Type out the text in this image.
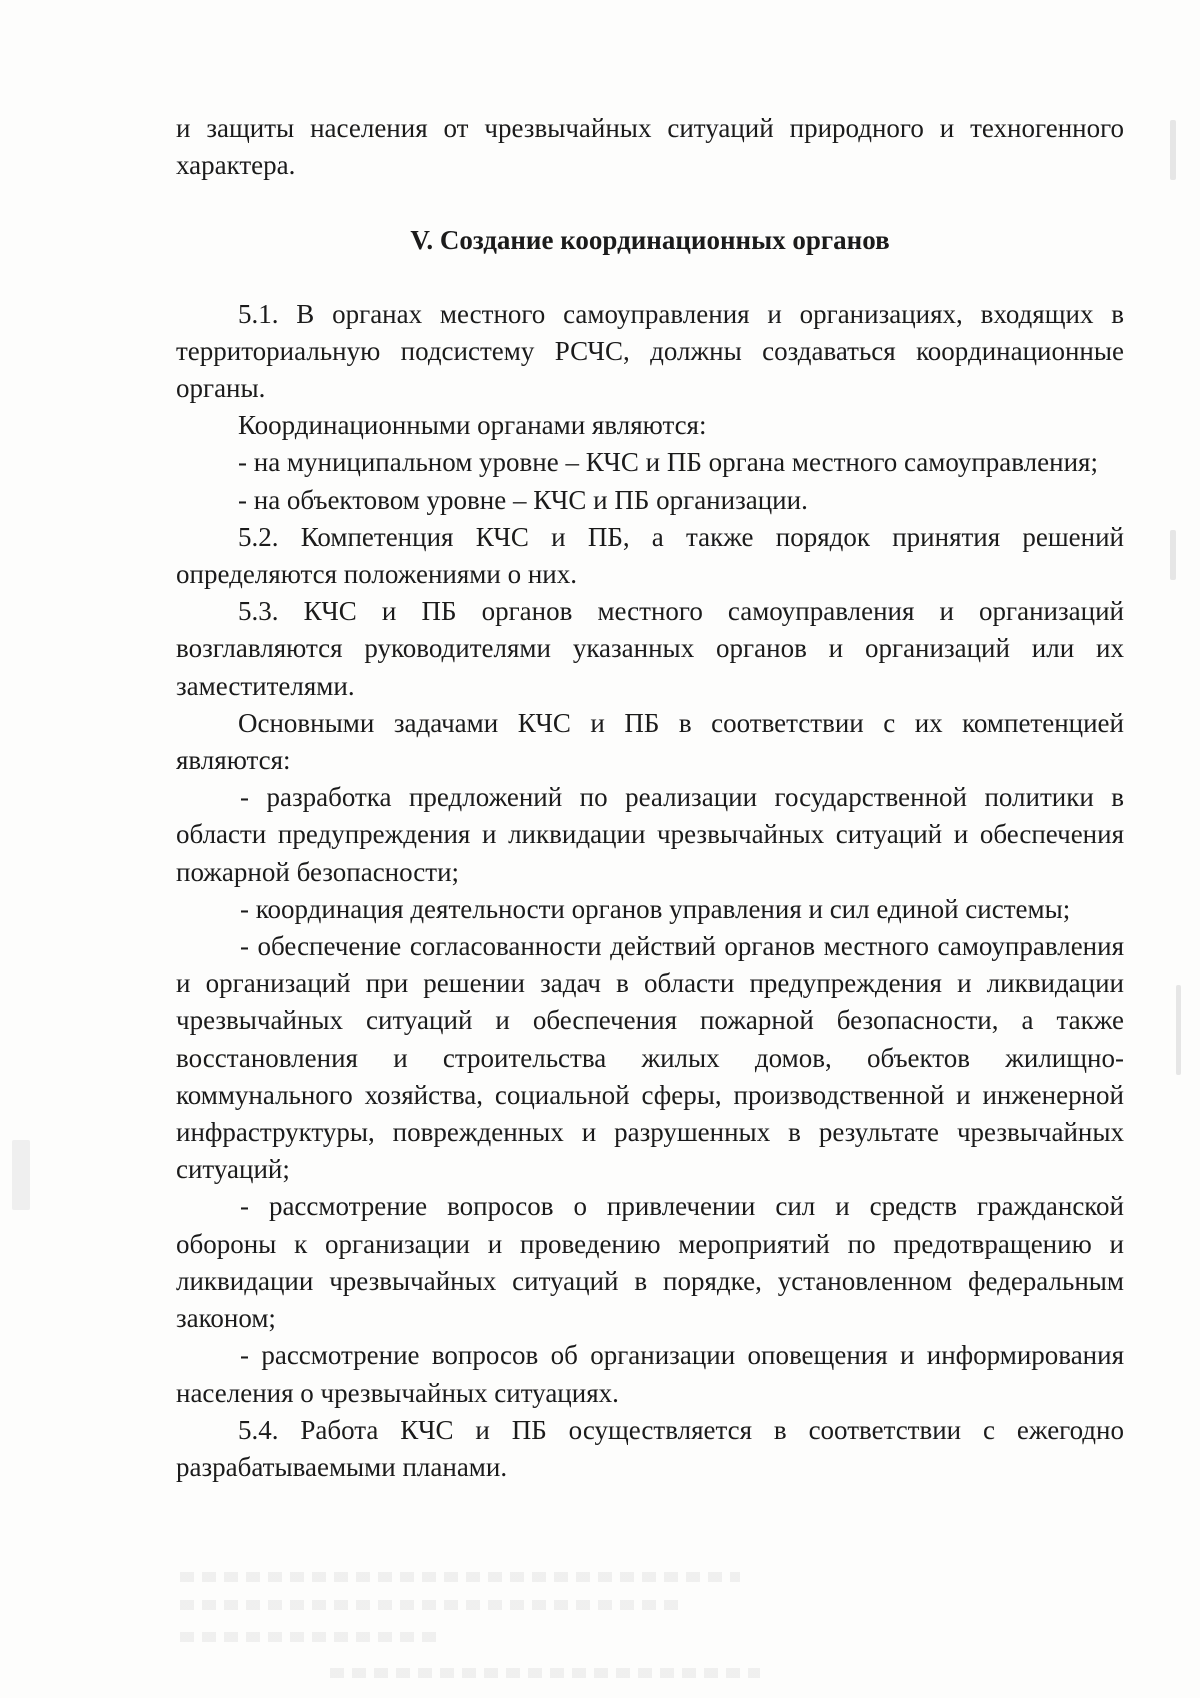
и защиты населения от чрезвычайных ситуаций природного и техногенного характера.

V. Создание координационных органов

5.1. В органах местного самоуправления и организациях, входящих в территориальную подсистему РСЧС, должны создаваться координационные органы.

Координационными органами являются:

- на муниципальном уровне – КЧС и ПБ органа местного самоуправления;

- на объектовом уровне – КЧС и ПБ организации.

5.2. Компетенция КЧС и ПБ, а также порядок принятия решений определяются положениями о них.

5.3. КЧС и ПБ органов местного самоуправления и организаций возглавляются руководителями указанных органов и организаций или их заместителями.

Основными задачами КЧС и ПБ в соответствии с их компетенцией являются:

- разработка предложений по реализации государственной политики в области предупреждения и ликвидации чрезвычайных ситуаций и обеспечения пожарной безопасности;

- координация деятельности органов управления и сил единой системы;

- обеспечение согласованности действий органов местного самоуправления и организаций при решении задач в области предупреждения и ликвидации чрезвычайных ситуаций и обеспечения пожарной безопасности, а также восстановления и строительства жилых домов, объектов жилищно-коммунального хозяйства, социальной сферы, производственной и инженерной инфраструктуры, поврежденных и разрушенных в результате чрезвычайных ситуаций;

- рассмотрение вопросов о привлечении сил и средств гражданской обороны к организации и проведению мероприятий по предотвращению и ликвидации чрезвычайных ситуаций в порядке, установленном федеральным законом;

- рассмотрение вопросов об организации оповещения и информирования населения о чрезвычайных ситуациях.

5.4. Работа КЧС и ПБ осуществляется в соответствии с ежегодно разрабатываемыми планами.
